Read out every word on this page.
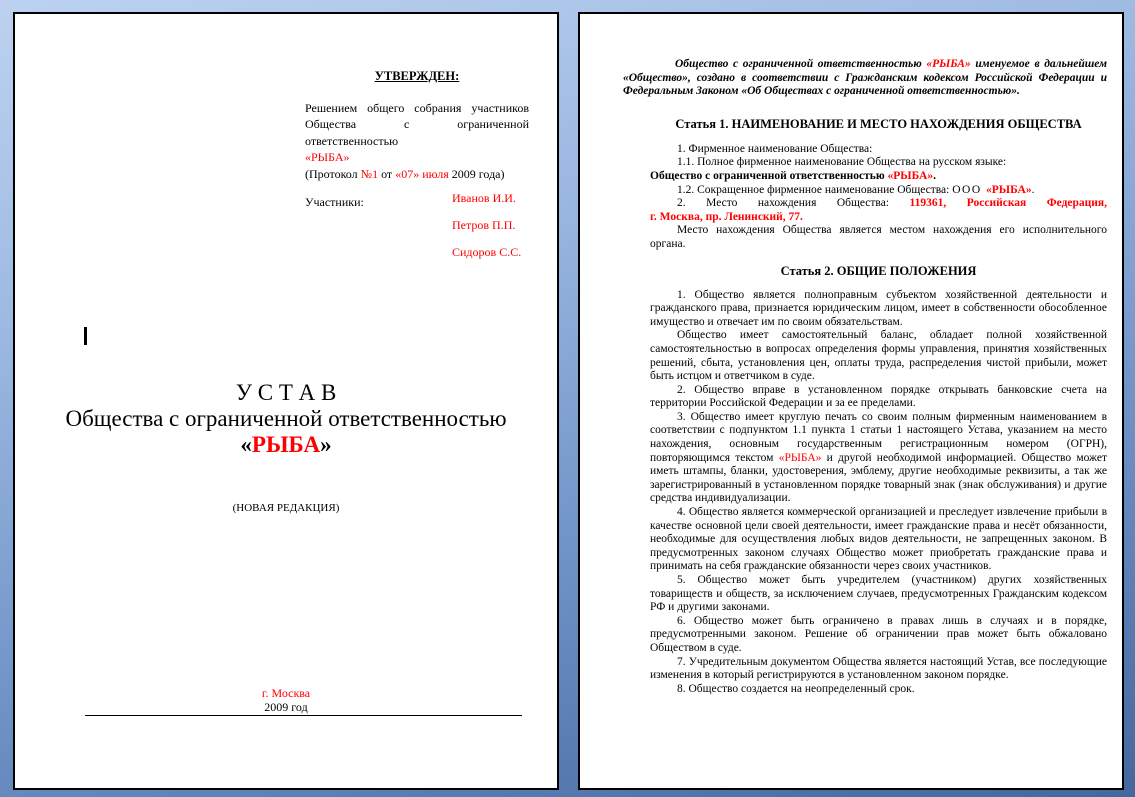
УТВЕРЖДЕН:
Решением общего собрания участников
Общества с ограниченной ответственностью
«РЫБА»
(Протокол №1 от «07» июля 2009 года)
Участники:	Иванов И.И.
Петров П.П.
Сидоров С.С.
У С Т А В
Общества с ограниченной ответственностью
«РЫБА»
(НОВАЯ РЕДАКЦИЯ)
г. Москва
2009 год
Общество с ограниченной ответственностью «РЫБА» именуемое в дальнейшем «Общество», создано в соответствии с Гражданским кодексом Российской Федерации и Федеральным Законом «Об Обществах с ограниченной ответственностью».
Статья 1. НАИМЕНОВАНИЕ И МЕСТО НАХОЖДЕНИЯ ОБЩЕСТВА
1. Фирменное наименование Общества:
1.1. Полное фирменное наименование Общества на русском языке:
Общество с ограниченной ответственностью «РЫБА».
1.2. Сокращенное фирменное наименование Общества: ООО «РЫБА».
2. Место нахождения Общества: 119361, Российская Федерация,
г. Москва, пр. Ленинский, 77.
Место нахождения Общества является местом нахождения его исполнительного органа.
Статья 2. ОБЩИЕ ПОЛОЖЕНИЯ
1. Общество является полноправным субъектом хозяйственной деятельности и гражданского права, признается юридическим лицом, имеет в собственности обособленное имущество и отвечает им по своим обязательствам.
Общество имеет самостоятельный баланс, обладает полной хозяйственной самостоятельностью в вопросах определения формы управления, принятия хозяйственных решений, сбыта, установления цен, оплаты труда, распределения чистой прибыли, может быть истцом и ответчиком в суде.
2. Общество вправе в установленном порядке открывать банковские счета на территории Российской Федерации и за ее пределами.
3. Общество имеет круглую печать со своим полным фирменным наименованием в соответствии с подпунктом 1.1 пункта 1 статьи 1 настоящего Устава, указанием на место нахождения, основным государственным регистрационным номером (ОГРН), повторяющимся текстом «РЫБА» и другой необходимой информацией. Общество может иметь штампы, бланки, удостоверения, эмблему, другие необходимые реквизиты, а так же зарегистрированный в установленном порядке товарный знак (знак обслуживания) и другие средства индивидуализации.
4. Общество является коммерческой организацией и преследует извлечение прибыли в качестве основной цели своей деятельности, имеет гражданские права и несёт обязанности, необходимые для осуществления любых видов деятельности, не запрещенных законом. В предусмотренных законом случаях Общество может приобретать гражданские права и принимать на себя гражданские обязанности через своих участников.
5. Общество может быть учредителем (участником) других хозяйственных товариществ и обществ, за исключением случаев, предусмотренных Гражданским кодексом РФ и другими законами.
6. Общество может быть ограничено в правах лишь в случаях и в порядке, предусмотренными законом. Решение об ограничении прав может быть обжаловано Обществом в суде.
7. Учредительным документом Общества является настоящий Устав, все последующие изменения в который регистрируются в установленном законом порядке.
8. Общество создается на неопределенный срок.
